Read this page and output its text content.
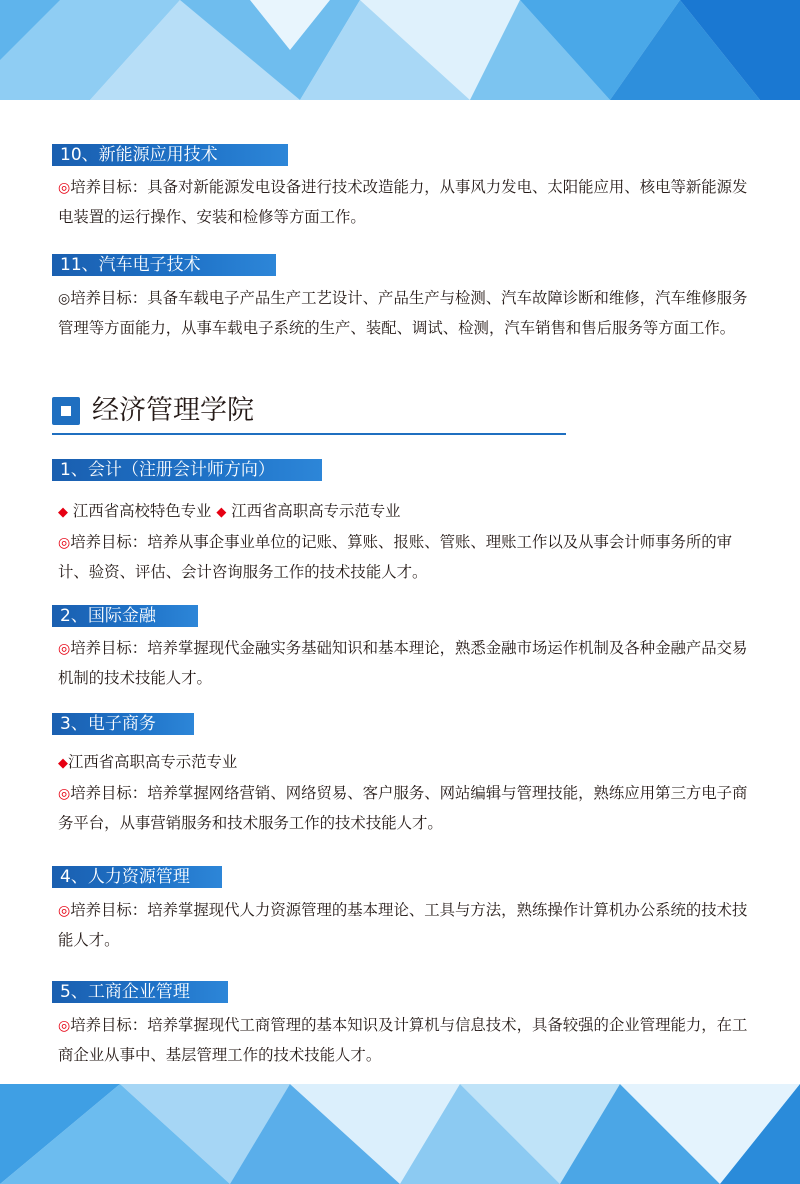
10、新能源应用技术

◎培养目标：具备对新能源发电设备进行技术改造能力，从事风力发电、太阳能应用、核电等新能源发电装置的运行操作、安装和检修等方面工作。

11、汽车电子技术

◎培养目标：具备车载电子产品生产工艺设计、产品生产与检测、汽车故障诊断和维修，汽车维修服务管理等方面能力，从事车载电子系统的生产、装配、调试、检测，汽车销售和售后服务等方面工作。

经济管理学院
1、会计（注册会计师方向）
◆ 江西省高校特色专业 ◆ 江西省高职高专示范专业

◎培养目标：培养从事企事业单位的记账、算账、报账、管账、理账工作以及从事会计师事务所的审计、验资、评估、会计咨询服务工作的技术技能人才。

2、国际金融

◎培养目标：培养掌握现代金融实务基础知识和基本理论，熟悉金融市场运作机制及各种金融产品交易机制的技术技能人才。

3、电子商务
◆江西省高职高专示范专业

◎培养目标：培养掌握网络营销、网络贸易、客户服务、网站编辑与管理技能，熟练应用第三方电子商务平台，从事营销服务和技术服务工作的技术技能人才。

4、人力资源管理

◎培养目标：培养掌握现代人力资源管理的基本理论、工具与方法，熟练操作计算机办公系统的技术技能人才。

5、工商企业管理

◎培养目标：培养掌握现代工商管理的基本知识及计算机与信息技术，具备较强的企业管理能力，在工商企业从事中、基层管理工作的技术技能人才。
